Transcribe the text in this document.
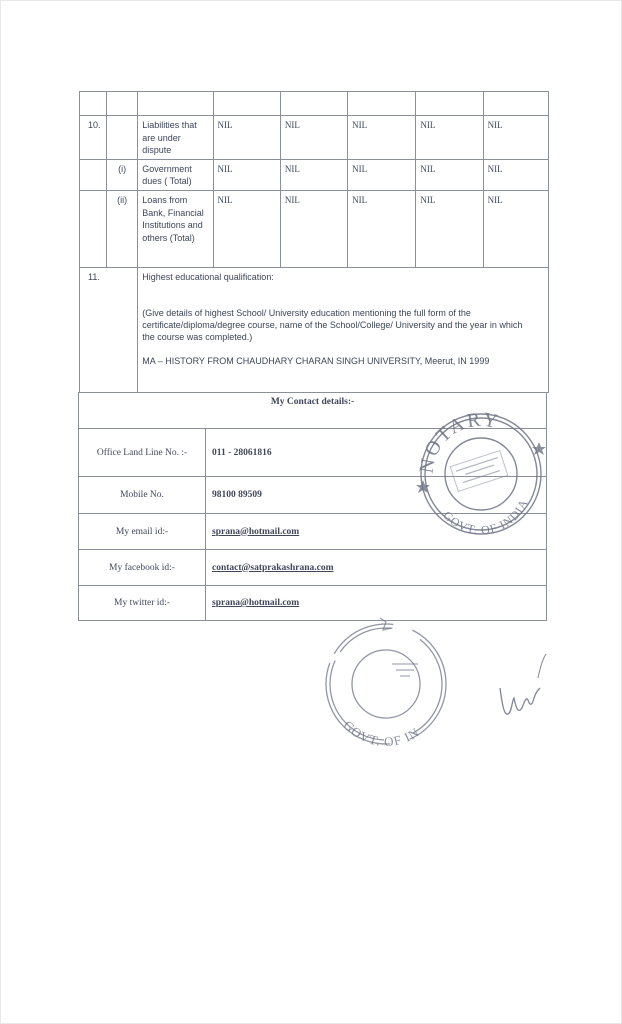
10.		Liabilities that are under dispute	NIL	NIL	NIL	NIL	NIL
	(i)	Government dues ( Total)	NIL	NIL	NIL	NIL	NIL
	(ii)	Loans from Bank, Financial Institutions and others (Total)	NIL	NIL	NIL	NIL	NIL
11.		Highest educational qualification:
(Give details of highest School/ University education mentioning the full form of the certificate/diploma/degree course, name of the School/College/ University and the year in which the course was completed.)
MA – HISTORY FROM CHAUDHARY CHARAN SINGH UNIVERSITY, Meerut, IN 1999					
My Contact details:-	
Office Land Line No. :-	011 - 28061816
Mobile No.	98100 89509
My email id:-	sprana@hotmail.com
My facebook id:-	contact@satprakashrana.com
My twitter id:-	sprana@hotmail.com
NOTARY
GOVT. OF INDIA
GOVT. OF IN
